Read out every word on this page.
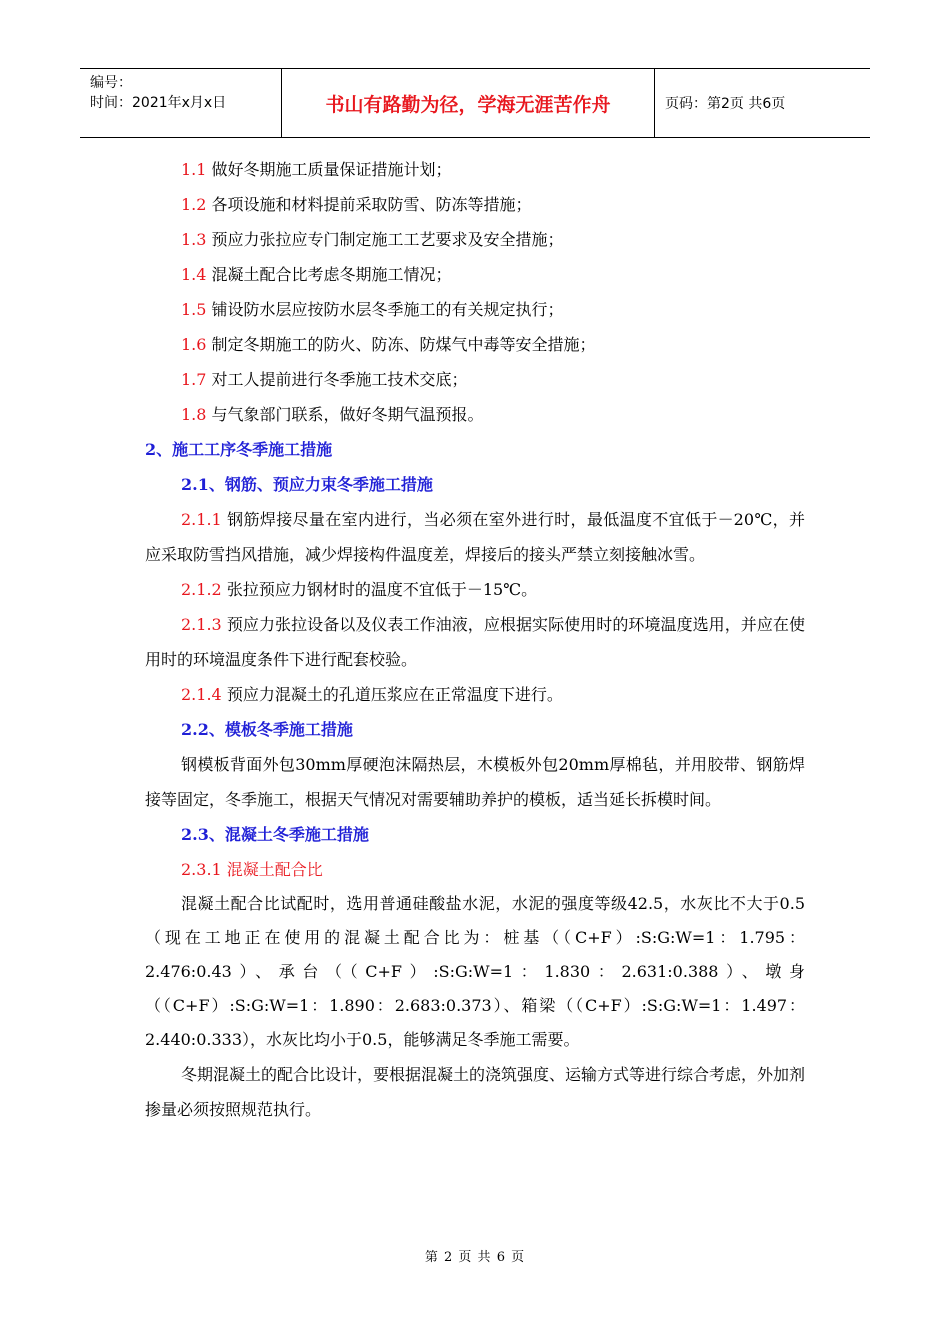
编号：
时间：2021年x月x日	书山有路勤为径，学海无涯苦作舟	页码：第2页 共6页

1.1 做好冬期施工质量保证措施计划；

1.2 各项设施和材料提前采取防雪、防冻等措施；

1.3 预应力张拉应专门制定施工工艺要求及安全措施；

1.4 混凝土配合比考虑冬期施工情况；

1.5 铺设防水层应按防水层冬季施工的有关规定执行；

1.6 制定冬期施工的防火、防冻、防煤气中毒等安全措施；

1.7 对工人提前进行冬季施工技术交底；

1.8 与气象部门联系，做好冬期气温预报。

2、施工工序冬季施工措施

2.1、钢筋、预应力束冬季施工措施

2.1.1 钢筋焊接尽量在室内进行，当必须在室外进行时，最低温度不宜低于－20℃，并应采取防雪挡风措施，减少焊接构件温度差，焊接后的接头严禁立刻接触冰雪。

2.1.2 张拉预应力钢材时的温度不宜低于－15℃。

2.1.3 预应力张拉设备以及仪表工作油液，应根据实际使用时的环境温度选用，并应在使用时的环境温度条件下进行配套校验。

2.1.4 预应力混凝土的孔道压浆应在正常温度下进行。

2.2、模板冬季施工措施

钢模板背面外包30mm厚硬泡沫隔热层，木模板外包20mm厚棉毡，并用胶带、钢筋焊接等固定，冬季施工，根据天气情况对需要辅助养护的模板，适当延长拆模时间。

2.3、混凝土冬季施工措施

2.3.1 混凝土配合比

混凝土配合比试配时，选用普通硅酸盐水泥，水泥的强度等级42.5，水灰比不大于0.5（现在工地正在使用的混凝土配合比为：桩基（（C+F）:S:G:W=1：1.795：2.476:0.43）、承台（（C+F）:S:G:W=1：1.830：2.631:0.388）、墩身（（C+F）:S:G:W=1：1.890：2.683:0.373）、箱梁（（C+F）:S:G:W=1：1.497：2.440:0.333），水灰比均小于0.5，能够满足冬季施工需要。

冬期混凝土的配合比设计，要根据混凝土的浇筑强度、运输方式等进行综合考虑，外加剂掺量必须按照规范执行。

第 2 页 共 6 页
